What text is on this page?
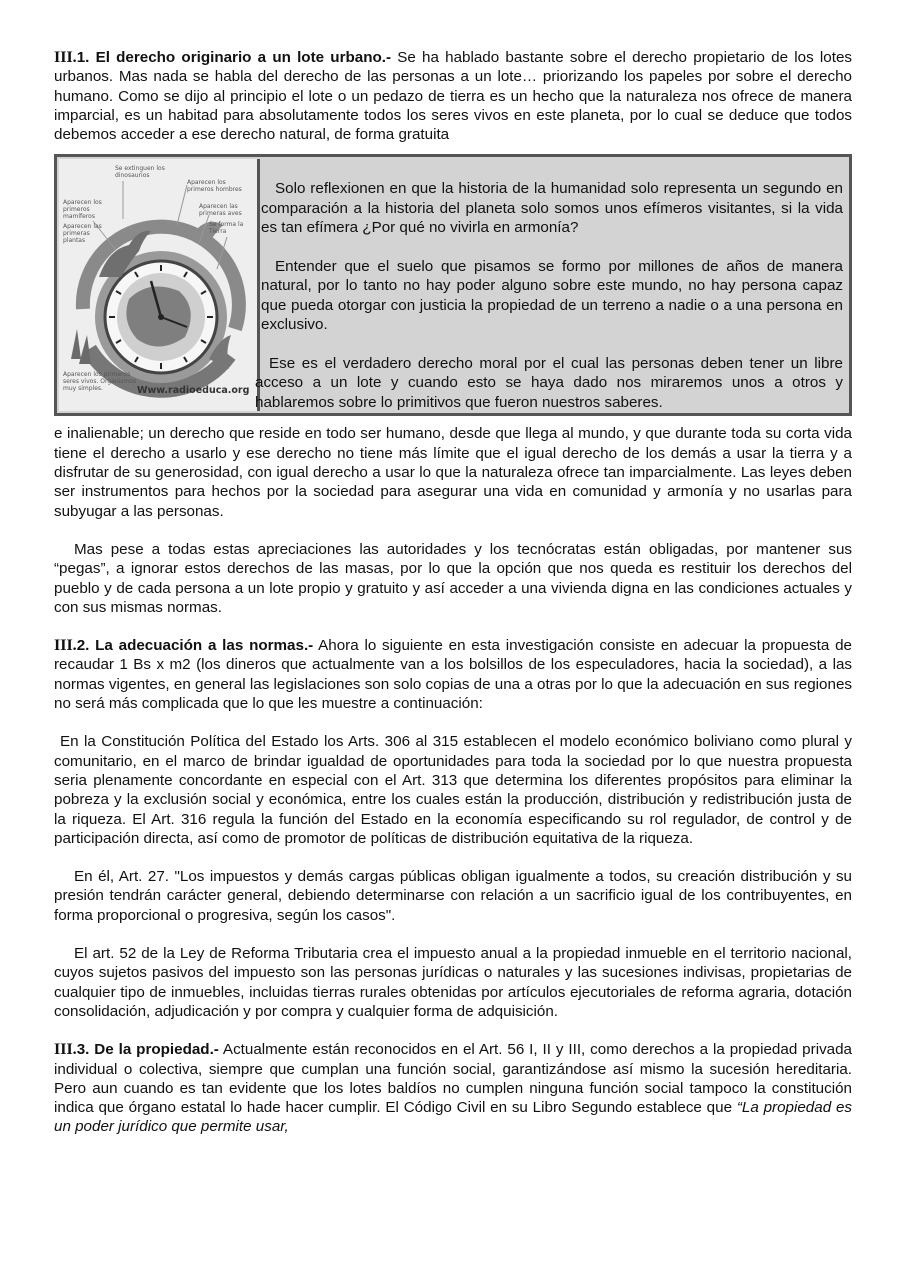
III.1. El derecho originario a un lote urbano.- Se ha hablado bastante sobre el derecho propietario de los lotes urbanos. Mas nada se habla del derecho de las personas a un lote… priorizando los papeles por sobre el derecho humano. Como se dijo al principio el lote o un pedazo de tierra es un hecho que la naturaleza nos ofrece de manera imparcial, es un habitad para absolutamente todos los seres vivos en este planeta, por lo cual se deduce que todos debemos acceder a ese derecho natural, de forma gratuita

Se extinguen los dinosaurios
Aparecen los primeros hombres
Aparecen los primeros mamíferos
Aparecen las primeras plantas
Aparecen las primeras aves
Se forma la Tierra
Aparecen los primeros seres vivos. Organismos muy simples.	Www.radioeduca.org

Solo reflexionen en que la historia de la humanidad solo representa un segundo en comparación a la historia del planeta solo somos unos efímeros visitantes, si la vida es tan efímera ¿Por qué no vivirla en armonía?

Entender que el suelo que pisamos se formo por millones de años de manera natural, por lo tanto no hay poder alguno sobre este mundo, no hay persona capaz que pueda otorgar con justicia la propiedad de un terreno a nadie o a una persona en exclusivo.

Ese es el verdadero derecho moral por el cual las personas deben tener un libre acceso a un lote y cuando esto se haya dado nos miraremos unos a otros y hablaremos sobre lo primitivos que fueron nuestros saberes.

e inalienable; un derecho que reside en todo ser humano, desde que llega al mundo, y que durante toda su corta vida tiene el derecho a usarlo y ese derecho no tiene más límite que el igual derecho de los demás a usar la tierra y a disfrutar de su generosidad, con igual derecho a usar lo que la naturaleza ofrece tan imparcialmente. Las leyes deben ser instrumentos para hechos por la sociedad para asegurar una vida en comunidad y armonía y no usarlas para subyugar a las personas.

Mas pese a todas estas apreciaciones las autoridades y los tecnócratas están obligadas, por mantener sus “pegas”, a ignorar estos derechos de las masas, por lo que la opción que nos queda es restituir los derechos del pueblo y de cada persona a un lote propio y gratuito y así acceder a una vivienda digna en las condiciones actuales y con sus mismas normas.

III.2. La adecuación a las normas.- Ahora lo siguiente en esta investigación consiste en adecuar la propuesta de recaudar 1 Bs x m2 (los dineros que actualmente van a los bolsillos de los especuladores, hacia la sociedad), a las normas vigentes, en general las legislaciones son solo copias de una a otras por lo que la adecuación en sus regiones no será más complicada que lo que les muestre a continuación:

En la Constitución Política del Estado los Arts. 306 al 315 establecen el modelo económico boliviano como plural y comunitario, en el marco de brindar igualdad de oportunidades para toda la sociedad por lo que nuestra propuesta seria plenamente concordante en especial con el Art. 313 que determina los diferentes propósitos para eliminar la pobreza y la exclusión social y económica, entre los cuales están la producción, distribución y redistribución justa de la riqueza. El Art. 316 regula la función del Estado en la economía especificando su rol regulador, de control y de participación directa, así como de promotor de políticas de distribución equitativa de la riqueza.

En él, Art. 27. "Los impuestos y demás cargas públicas obligan igualmente a todos, su creación distribución y su presión tendrán carácter general, debiendo determinarse con relación a un sacrificio igual de los contribuyentes, en forma proporcional o progresiva, según los casos".

El art. 52 de la Ley de Reforma Tributaria crea el impuesto anual a la propiedad inmueble en el territorio nacional, cuyos sujetos pasivos del impuesto son las personas jurídicas o naturales y las sucesiones indivisas, propietarias de cualquier tipo de inmuebles, incluidas tierras rurales obtenidas por artículos ejecutoriales de reforma agraria, dotación consolidación, adjudicación y por compra y cualquier forma de adquisición.

III.3. De la propiedad.- Actualmente están reconocidos en el Art. 56 I, II y III, como derechos a la propiedad privada individual o colectiva, siempre que cumplan una función social, garantizándose así mismo la sucesión hereditaria. Pero aun cuando es tan evidente que los lotes baldíos no cumplen ninguna función social tampoco la constitución indica que órgano estatal lo hade hacer cumplir. El Código Civil en su Libro Segundo establece que “La propiedad es un poder jurídico que permite usar,
